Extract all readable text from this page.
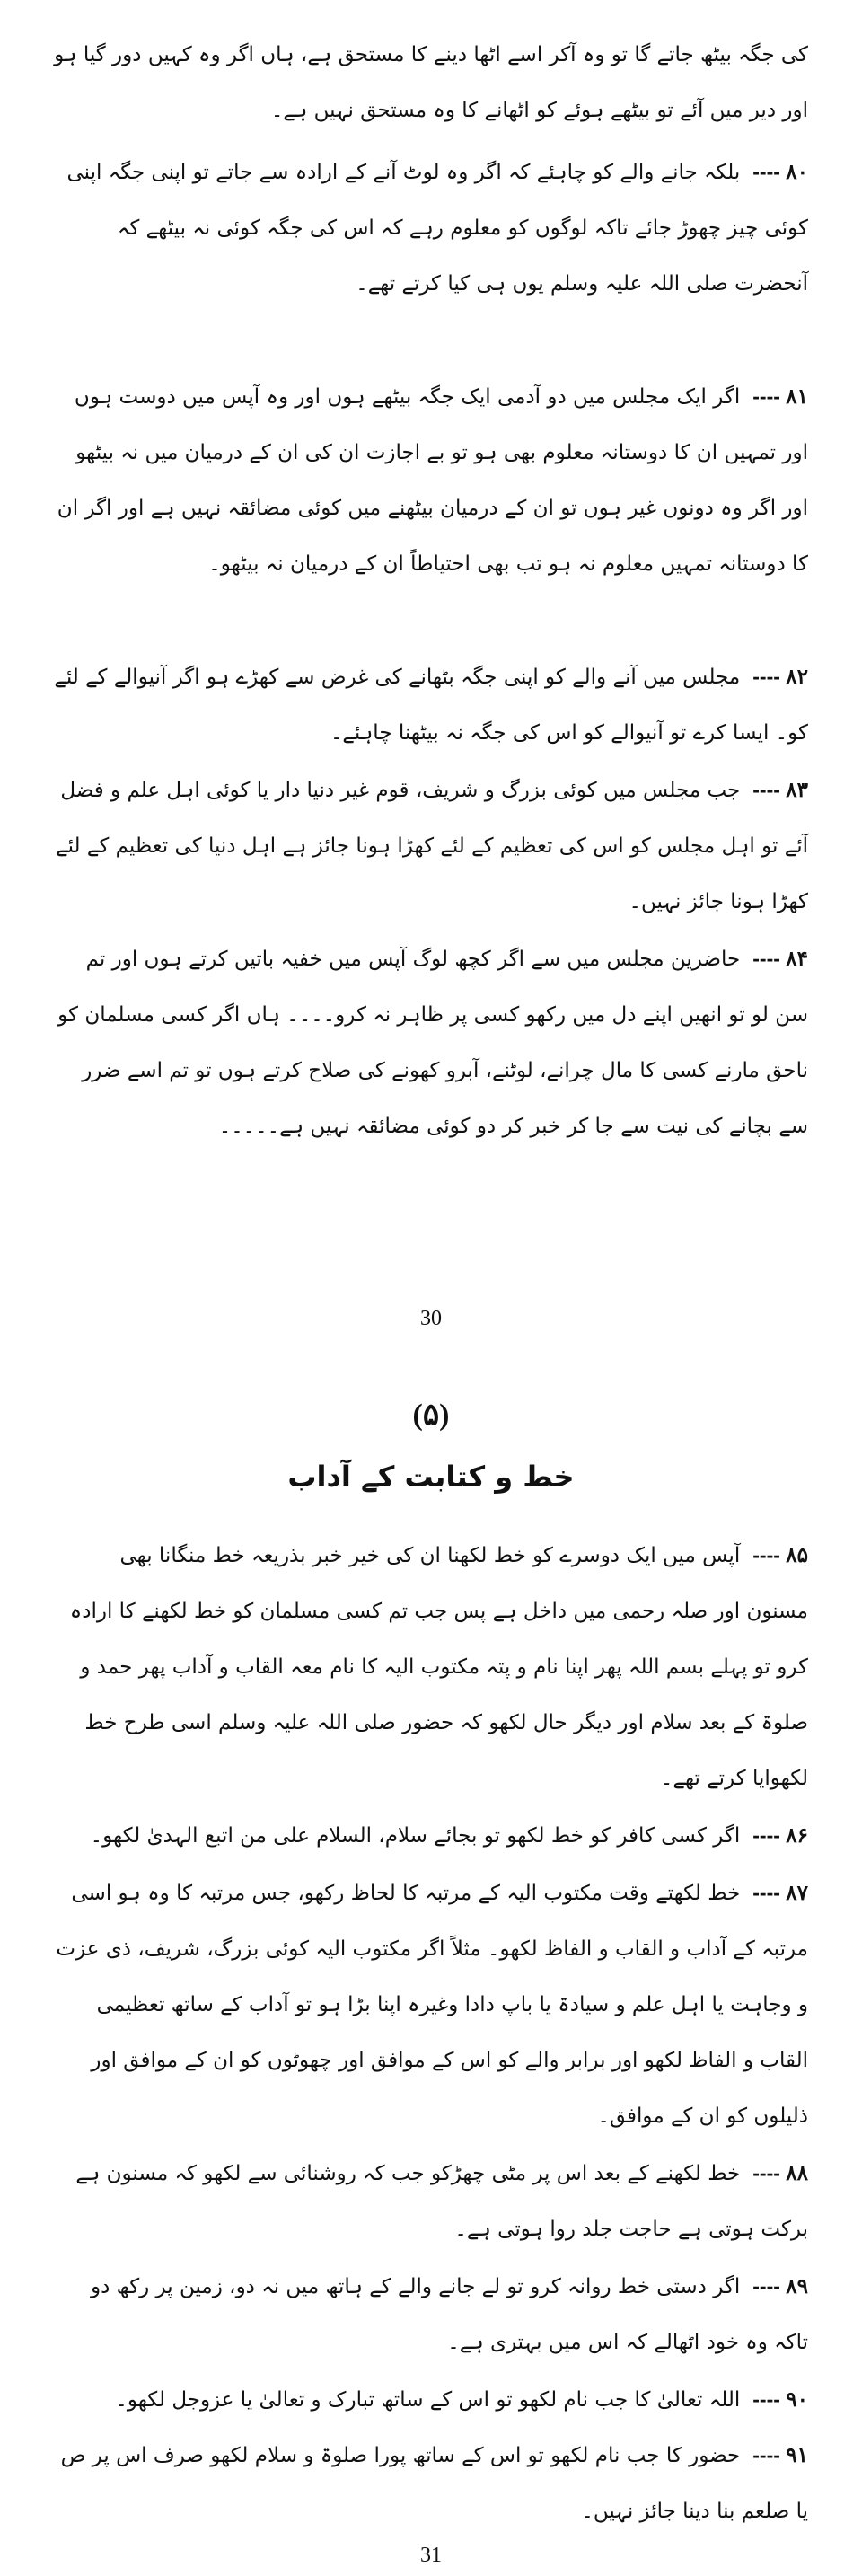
کی جگہ بیٹھ جاتے گا تو وہ آکر اسے اٹھا دینے کا مستحق ہے، ہاں اگر وہ کہیں دور گیا ہو اور دیر میں آئے تو بیٹھے ہوئے کو اٹھانے کا وہ مستحق نہیں ہے۔
۸۰ ----بلکہ جانے والے کو چاہئے کہ اگر وہ لوٹ آنے کے ارادہ سے جاتے تو اپنی جگہ اپنی کوئی چیز چھوڑ جائے تاکہ لوگوں کو معلوم رہے کہ اس کی جگہ کوئی نہ بیٹھے کہ آنحضرت صلی اللہ علیہ وسلم یوں ہی کیا کرتے تھے۔
۸۱ ----اگر ایک مجلس میں دو آدمی ایک جگہ بیٹھے ہوں اور وہ آپس میں دوست ہوں اور تمہیں ان کا دوستانہ معلوم بھی ہو تو بے اجازت ان کی ان کے درمیان میں نہ بیٹھو اور اگر وہ دونوں غیر ہوں تو ان کے درمیان بیٹھنے میں کوئی مضائقہ نہیں ہے اور اگر ان کا دوستانہ تمہیں معلوم نہ ہو تب بھی احتیاطاً ان کے درمیان نہ بیٹھو۔
۸۲ ----مجلس میں آنے والے کو اپنی جگہ بٹھانے کی غرض سے کھڑے ہو اگر آنیوالے کے لئے کو۔ ایسا کرے تو آنیوالے کو اس کی جگہ نہ بیٹھنا چاہئے۔
۸۳ ----جب مجلس میں کوئی بزرگ و شریف، قوم غیر دنیا دار یا کوئی اہل علم و فضل آئے تو اہل مجلس کو اس کی تعظیم کے لئے کھڑا ہونا جائز ہے اہل دنیا کی تعظیم کے لئے کھڑا ہونا جائز نہیں۔
۸۴ ----حاضرین مجلس میں سے اگر کچھ لوگ آپس میں خفیہ باتیں کرتے ہوں اور تم سن لو تو انھیں اپنے دل میں رکھو کسی پر ظاہر نہ کرو۔۔۔۔ ہاں اگر کسی مسلمان کو ناحق مارنے کسی کا مال چرانے، لوٹنے، آبرو کھونے کی صلاح کرتے ہوں تو تم اسے ضرر سے بچانے کی نیت سے جا کر خبر کر دو کوئی مضائقہ نہیں ہے۔۔۔۔۔
30
(۵)
خط و کتابت کے آداب
۸۵ ----آپس میں ایک دوسرے کو خط لکھنا ان کی خیر خبر بذریعہ خط منگانا بھی مسنون اور صلہ رحمی میں داخل ہے پس جب تم کسی مسلمان کو خط لکھنے کا ارادہ کرو تو پہلے بسم اللہ پھر اپنا نام و پتہ مکتوب الیہ کا نام معہ القاب و آداب پھر حمد و صلوۃ کے بعد سلام اور دیگر حال لکھو کہ حضور صلی اللہ علیہ وسلم اسی طرح خط لکھوایا کرتے تھے۔
۸۶ ----اگر کسی کافر کو خط لکھو تو بجائے سلام، السلام علی من اتبع الہدیٰ لکھو۔
۸۷ ----خط لکھتے وقت مکتوب الیہ کے مرتبہ کا لحاظ رکھو، جس مرتبہ کا وہ ہو اسی مرتبہ کے آداب و القاب و الفاظ لکھو۔ مثلاً اگر مکتوب الیہ کوئی بزرگ، شریف، ذی عزت و وجاہت یا اہل علم و سیادۃ یا باپ دادا وغیرہ اپنا بڑا ہو تو آداب کے ساتھ تعظیمی القاب و الفاظ لکھو اور برابر والے کو اس کے موافق اور چھوٹوں کو ان کے موافق اور ذلیلوں کو ان کے موافق۔
۸۸ ----خط لکھنے کے بعد اس پر مٹی چھڑکو جب کہ روشنائی سے لکھو کہ مسنون ہے برکت ہوتی ہے حاجت جلد روا ہوتی ہے۔
۸۹ ----اگر دستی خط روانہ کرو تو لے جانے والے کے ہاتھ میں نہ دو، زمین پر رکھ دو تاکہ وہ خود اٹھالے کہ اس میں بہتری ہے۔
۹۰ ----اللہ تعالیٰ کا جب نام لکھو تو اس کے ساتھ تبارک و تعالیٰ یا عزوجل لکھو۔
۹۱ ----حضور کا جب نام لکھو تو اس کے ساتھ پورا صلوۃ و سلام لکھو صرف اس پر ص یا صلعم بنا دینا جائز نہیں۔
31
